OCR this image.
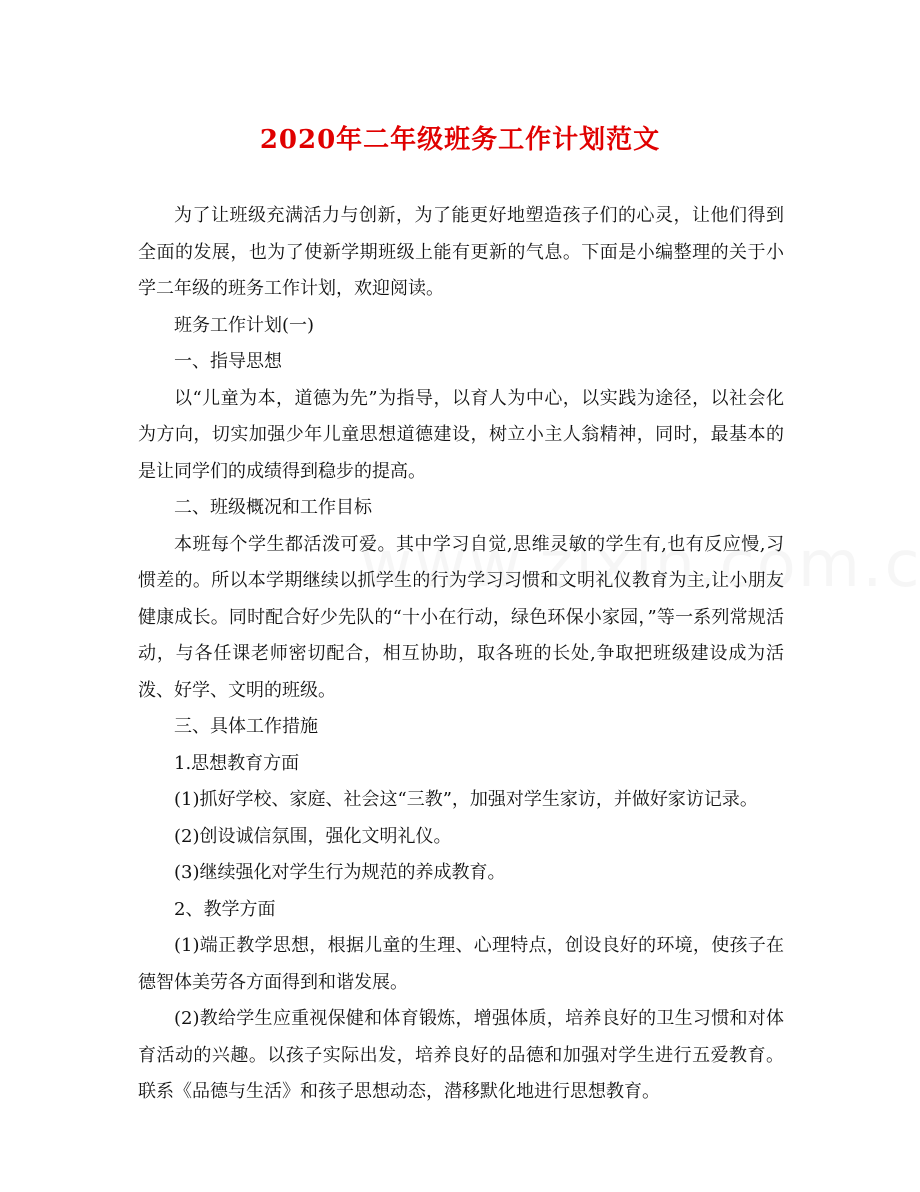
2020年二年级班务工作计划范文

为了让班级充满活力与创新，为了能更好地塑造孩子们的心灵，让他们得到全面的发展，也为了使新学期班级上能有更新的气息。下面是小编整理的关于小学二年级的班务工作计划，欢迎阅读。

班务工作计划(一)

一、指导思想

以“儿童为本，道德为先”为指导，以育人为中心，以实践为途径，以社会化为方向，切实加强少年儿童思想道德建设，树立小主人翁精神，同时，最基本的是让同学们的成绩得到稳步的提高。

二、班级概况和工作目标

本班每个学生都活泼可爱。其中学习自觉,思维灵敏的学生有,也有反应慢,习惯差的。所以本学期继续以抓学生的行为学习习惯和文明礼仪教育为主,让小朋友健康成长。同时配合好少先队的“十小在行动，绿色环保小家园，”等一系列常规活动，与各任课老师密切配合，相互协助，取各班的长处,争取把班级建设成为活泼、好学、文明的班级。

三、具体工作措施

1.思想教育方面

(1)抓好学校、家庭、社会这“三教”，加强对学生家访，并做好家访记录。

(2)创设诚信氛围，强化文明礼仪。

(3)继续强化对学生行为规范的养成教育。

2、教学方面

(1)端正教学思想，根据儿童的生理、心理特点，创设良好的环境，使孩子在德智体美劳各方面得到和谐发展。

(2)教给学生应重视保健和体育锻炼，增强体质，培养良好的卫生习惯和对体育活动的兴趣。以孩子实际出发，培养良好的品德和加强对学生进行五爱教育。联系《品德与生活》和孩子思想动态，潜移默化地进行思想教育。
